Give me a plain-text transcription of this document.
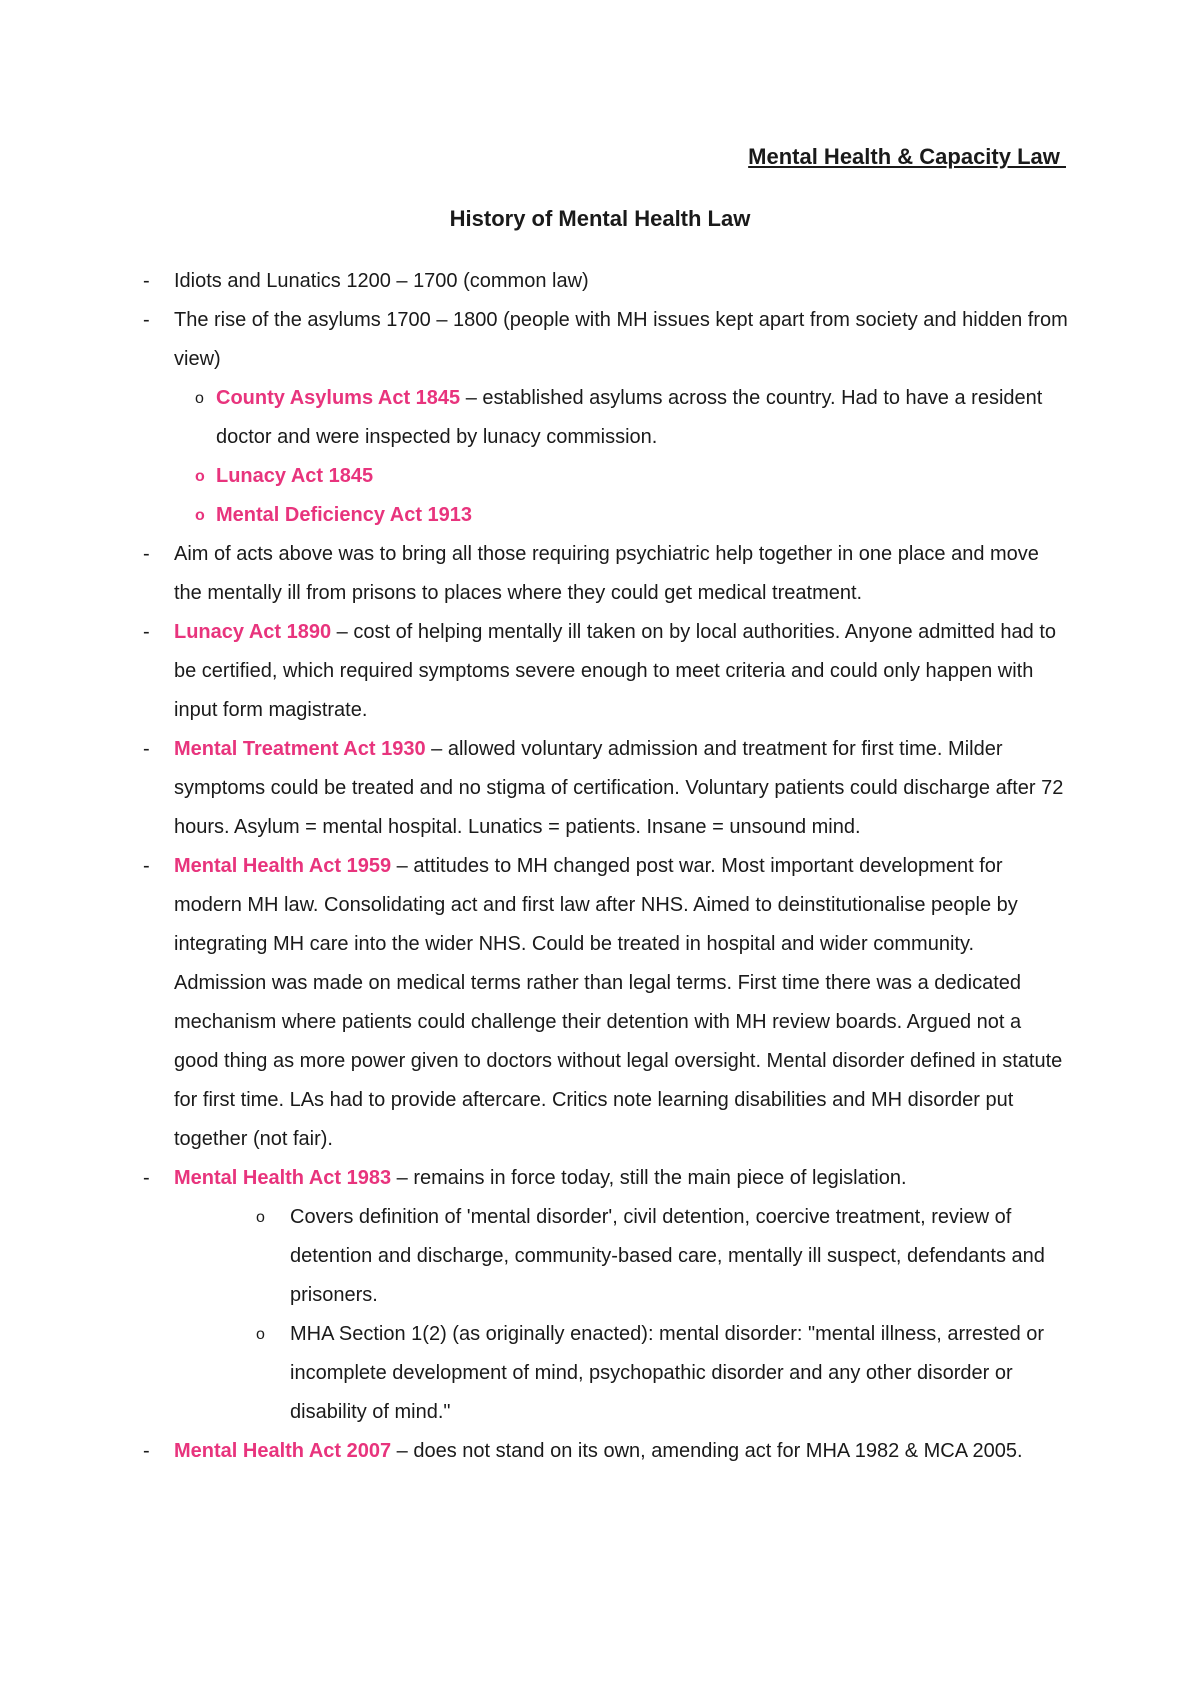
Mental Health & Capacity Law

History of Mental Health Law

- Idiots and Lunatics 1200 – 1700 (common law)

- The rise of the asylums 1700 – 1800 (people with MH issues kept apart from society and hidden from view)

o County Asylums Act 1845 – established asylums across the country. Had to have a resident doctor and were inspected by lunacy commission.

o Lunacy Act 1845

o Mental Deficiency Act 1913

- Aim of acts above was to bring all those requiring psychiatric help together in one place and move the mentally ill from prisons to places where they could get medical treatment.

- Lunacy Act 1890 – cost of helping mentally ill taken on by local authorities. Anyone admitted had to be certified, which required symptoms severe enough to meet criteria and could only happen with input form magistrate.

- Mental Treatment Act 1930 – allowed voluntary admission and treatment for first time. Milder symptoms could be treated and no stigma of certification. Voluntary patients could discharge after 72 hours. Asylum = mental hospital. Lunatics = patients. Insane = unsound mind.

- Mental Health Act 1959 – attitudes to MH changed post war. Most important development for modern MH law. Consolidating act and first law after NHS. Aimed to deinstitutionalise people by integrating MH care into the wider NHS. Could be treated in hospital and wider community. Admission was made on medical terms rather than legal terms. First time there was a dedicated mechanism where patients could challenge their detention with MH review boards. Argued not a good thing as more power given to doctors without legal oversight. Mental disorder defined in statute for first time. LAs had to provide aftercare. Critics note learning disabilities and MH disorder put together (not fair).

- Mental Health Act 1983 – remains in force today, still the main piece of legislation.

o Covers definition of 'mental disorder', civil detention, coercive treatment, review of detention and discharge, community-based care, mentally ill suspect, defendants and prisoners.

o MHA Section 1(2) (as originally enacted): mental disorder: "mental illness, arrested or incomplete development of mind, psychopathic disorder and any other disorder or disability of mind."

- Mental Health Act 2007 – does not stand on its own, amending act for MHA 1982 & MCA 2005.
